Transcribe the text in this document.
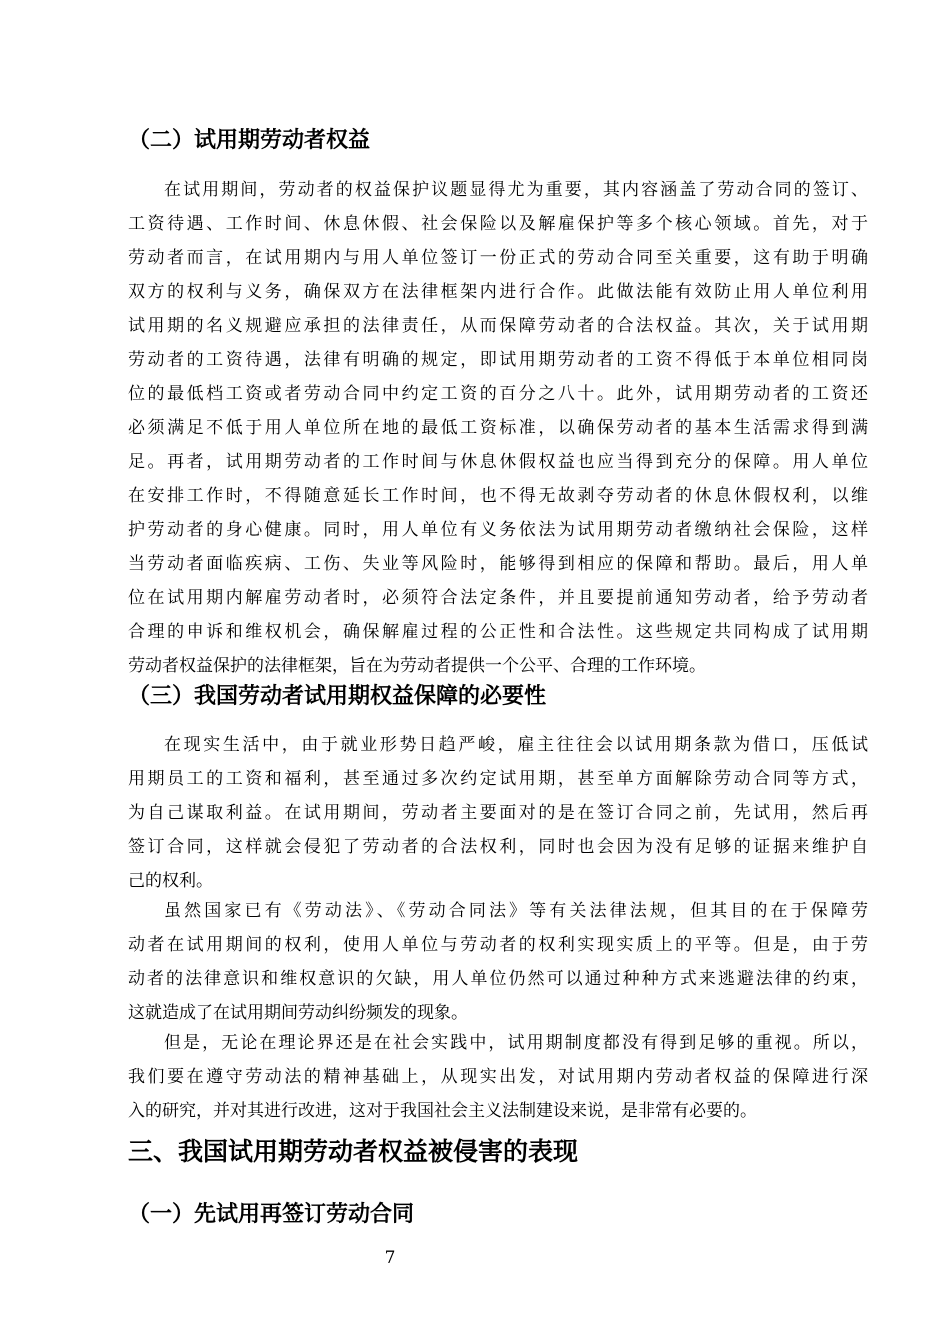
（二）试用期劳动者权益
在试用期间，劳动者的权益保护议题显得尤为重要，其内容涵盖了劳动合同的签订、
工资待遇、工作时间、休息休假、社会保险以及解雇保护等多个核心领域。首先，对于
劳动者而言，在试用期内与用人单位签订一份正式的劳动合同至关重要，这有助于明确
双方的权利与义务，确保双方在法律框架内进行合作。此做法能有效防止用人单位利用
试用期的名义规避应承担的法律责任，从而保障劳动者的合法权益。其次，关于试用期
劳动者的工资待遇，法律有明确的规定，即试用期劳动者的工资不得低于本单位相同岗
位的最低档工资或者劳动合同中约定工资的百分之八十。此外，试用期劳动者的工资还
必须满足不低于用人单位所在地的最低工资标准，以确保劳动者的基本生活需求得到满
足。再者，试用期劳动者的工作时间与休息休假权益也应当得到充分的保障。用人单位
在安排工作时，不得随意延长工作时间，也不得无故剥夺劳动者的休息休假权利，以维
护劳动者的身心健康。同时，用人单位有义务依法为试用期劳动者缴纳社会保险，这样
当劳动者面临疾病、工伤、失业等风险时，能够得到相应的保障和帮助。最后，用人单
位在试用期内解雇劳动者时，必须符合法定条件，并且要提前通知劳动者，给予劳动者
合理的申诉和维权机会，确保解雇过程的公正性和合法性。这些规定共同构成了试用期
劳动者权益保护的法律框架，旨在为劳动者提供一个公平、合理的工作环境。
（三）我国劳动者试用期权益保障的必要性
在现实生活中，由于就业形势日趋严峻，雇主往往会以试用期条款为借口，压低试
用期员工的工资和福利，甚至通过多次约定试用期，甚至单方面解除劳动合同等方式，
为自己谋取利益。在试用期间，劳动者主要面对的是在签订合同之前，先试用，然后再
签订合同，这样就会侵犯了劳动者的合法权利，同时也会因为没有足够的证据来维护自
己的权利。
虽然国家已有《劳动法》、《劳动合同法》等有关法律法规，但其目的在于保障劳
动者在试用期间的权利，使用人单位与劳动者的权利实现实质上的平等。但是，由于劳
动者的法律意识和维权意识的欠缺，用人单位仍然可以通过种种方式来逃避法律的约束，
这就造成了在试用期间劳动纠纷频发的现象。
但是，无论在理论界还是在社会实践中，试用期制度都没有得到足够的重视。所以，
我们要在遵守劳动法的精神基础上，从现实出发，对试用期内劳动者权益的保障进行深
入的研究，并对其进行改进，这对于我国社会主义法制建设来说，是非常有必要的。
三、我国试用期劳动者权益被侵害的表现
（一）先试用再签订劳动合同
7
